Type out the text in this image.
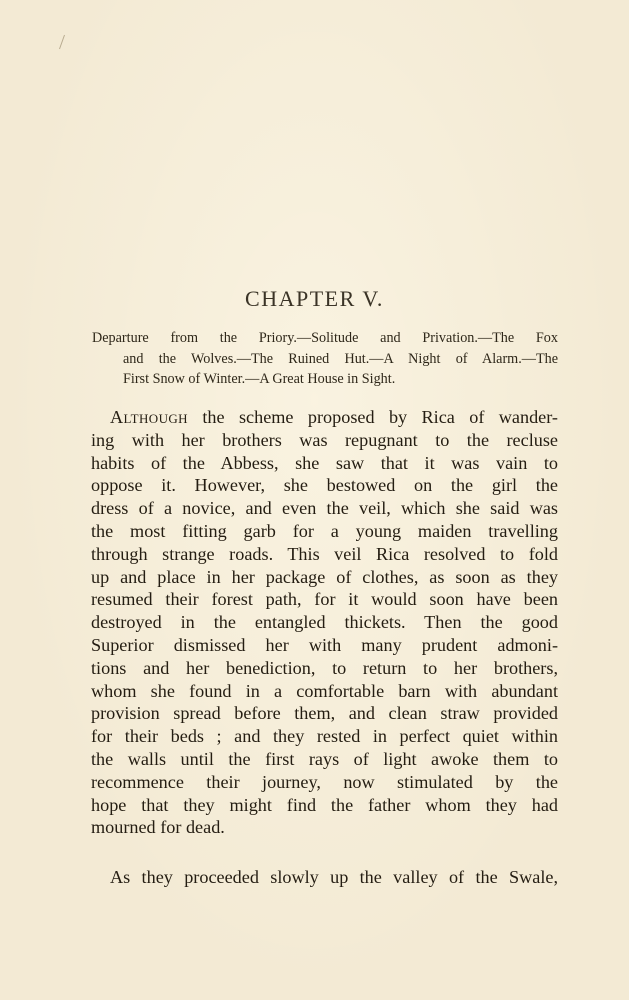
CHAPTER V.
Departure from the Priory.—Solitude and Privation.—The Fox
and the Wolves.—The Ruined Hut.—A Night of Alarm.—The
First Snow of Winter.—A Great House in Sight.
Although the scheme proposed by Rica of wander-
ing with her brothers was repugnant to the recluse
habits of the Abbess, she saw that it was vain to
oppose it. However, she bestowed on the girl the
dress of a novice, and even the veil, which she said was
the most fitting garb for a young maiden travelling
through strange roads. This veil Rica resolved to fold
up and place in her package of clothes, as soon as they
resumed their forest path, for it would soon have been
destroyed in the entangled thickets. Then the good
Superior dismissed her with many prudent admoni-
tions and her benediction, to return to her brothers,
whom she found in a comfortable barn with abundant
provision spread before them, and clean straw provided
for their beds ; and they rested in perfect quiet within
the walls until the first rays of light awoke them to
recommence their journey, now stimulated by the
hope that they might find the father whom they had
mourned for dead.
As they proceeded slowly up the valley of the Swale,
